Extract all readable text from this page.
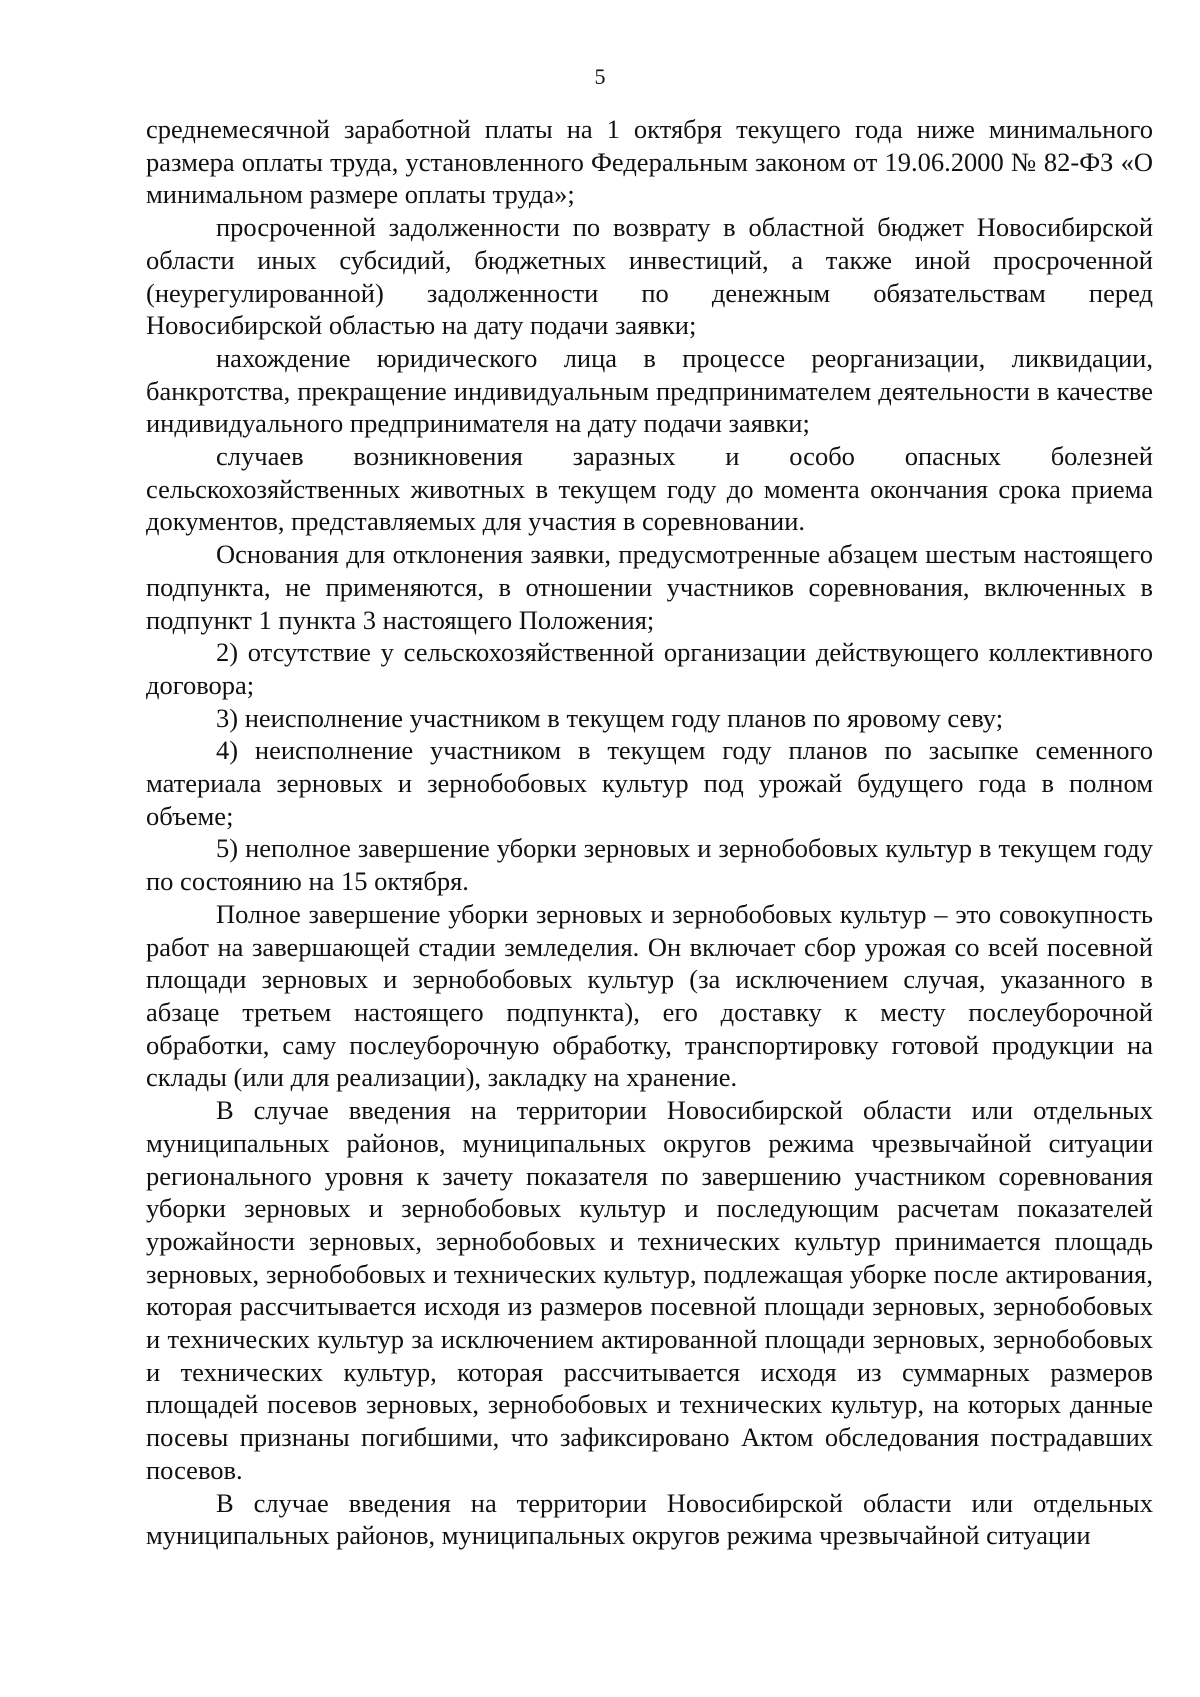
5

среднемесячной заработной платы на 1 октября текущего года ниже минимального размера оплаты труда, установленного Федеральным законом от 19.06.2000 № 82-ФЗ «О минимальном размере оплаты труда»;

просроченной задолженности по возврату в областной бюджет Новосибирской области иных субсидий, бюджетных инвестиций, а также иной просроченной (неурегулированной) задолженности по денежным обязательствам перед Новосибирской областью на дату подачи заявки;

нахождение юридического лица в процессе реорганизации, ликвидации, банкротства, прекращение индивидуальным предпринимателем деятельности в качестве индивидуального предпринимателя на дату подачи заявки;

случаев возникновения заразных и особо опасных болезней сельскохозяйственных животных в текущем году до момента окончания срока приема документов, представляемых для участия в соревновании.

Основания для отклонения заявки, предусмотренные абзацем шестым настоящего подпункта, не применяются, в отношении участников соревнования, включенных в подпункт 1 пункта 3 настоящего Положения;

2) отсутствие у сельскохозяйственной организации действующего коллективного договора;

3) неисполнение участником в текущем году планов по яровому севу;

4) неисполнение участником в текущем году планов по засыпке семенного материала зерновых и зернобобовых культур под урожай будущего года в полном объеме;

5) неполное завершение уборки зерновых и зернобобовых культур в текущем году по состоянию на 15 октября.

Полное завершение уборки зерновых и зернобобовых культур – это совокупность работ на завершающей стадии земледелия. Он включает сбор урожая со всей посевной площади зерновых и зернобобовых культур (за исключением случая, указанного в абзаце третьем настоящего подпункта), его доставку к месту послеуборочной обработки, саму послеуборочную обработку, транспортировку готовой продукции на склады (или для реализации), закладку на хранение.

В случае введения на территории Новосибирской области или отдельных муниципальных районов, муниципальных округов режима чрезвычайной ситуации регионального уровня к зачету показателя по завершению участником соревнования уборки зерновых и зернобобовых культур и последующим расчетам показателей урожайности зерновых, зернобобовых и технических культур принимается площадь зерновых, зернобобовых и технических культур, подлежащая уборке после актирования, которая рассчитывается исходя из размеров посевной площади зерновых, зернобобовых и технических культур за исключением актированной площади зерновых, зернобобовых и технических культур, которая рассчитывается исходя из суммарных размеров площадей посевов зерновых, зернобобовых и технических культур, на которых данные посевы признаны погибшими, что зафиксировано Актом обследования пострадавших посевов.

В случае введения на территории Новосибирской области или отдельных муниципальных районов, муниципальных округов режима чрезвычайной ситуации
